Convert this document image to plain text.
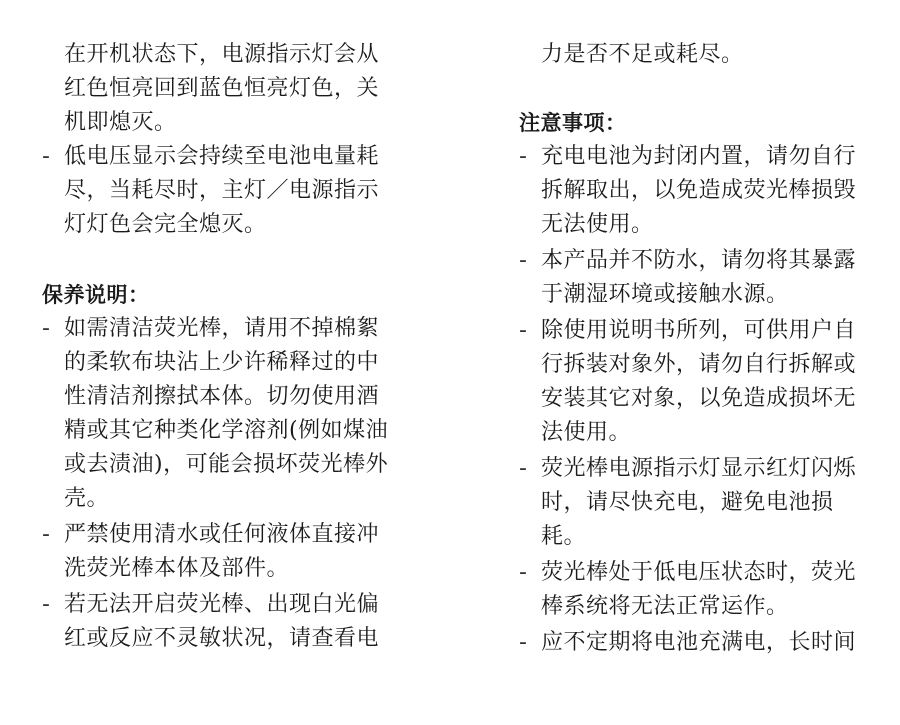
在开机状态下，电源指示灯会从红色恒亮回到蓝色恒亮灯色，关机即熄灭。

- 低电压显示会持续至电池电量耗尽，当耗尽时，主灯／电源指示灯灯色会完全熄灭。
保养说明：
- 如需清洁荧光棒，请用不掉棉絮的柔软布块沾上少许稀释过的中性清洁剂擦拭本体。切勿使用酒精或其它种类化学溶剂(例如煤油或去渍油)，可能会损坏荧光棒外壳。
- 严禁使用清水或任何液体直接冲洗荧光棒本体及部件。
- 若无法开启荧光棒、出现白光偏红或反应不灵敏状况，请查看电

力是否不足或耗尽。

注意事项：
- 充电电池为封闭内置，请勿自行拆解取出，以免造成荧光棒损毁无法使用。
- 本产品并不防水，请勿将其暴露于潮湿环境或接触水源。
- 除使用说明书所列，可供用户自行拆装对象外，请勿自行拆解或安装其它对象，以免造成损坏无法使用。
- 荧光棒电源指示灯显示红灯闪烁时，请尽快充电，避免电池损耗。
- 荧光棒处于低电压状态时，荧光棒系统将无法正常运作。
- 应不定期将电池充满电，长时间
